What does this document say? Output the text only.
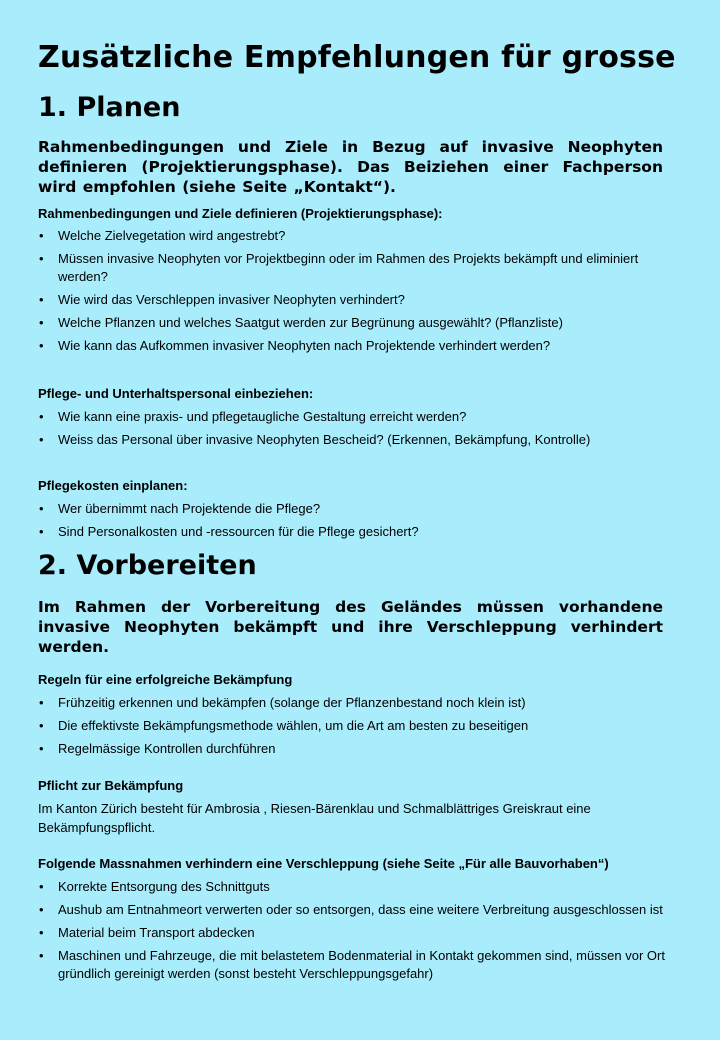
Zusätzliche Empfehlungen für grosse
1. Planen
Rahmenbedingungen und Ziele in Bezug auf invasive Neophyten definieren (Projektierungsphase). Das Beiziehen einer Fachperson wird empfohlen (siehe Seite „Kontakt“).
Rahmenbedingungen und Ziele definieren (Projektierungsphase):
• Welche Zielvegetation wird angestrebt?
• Müssen invasive Neophyten vor Projektbeginn oder im Rahmen des Projekts bekämpft und eliminiert werden?
• Wie wird das Verschleppen invasiver Neophyten verhindert?
• Welche Pflanzen und welches Saatgut werden zur Begrünung ausgewählt? (Pflanzliste)
• Wie kann das Aufkommen invasiver Neophyten nach Projektende verhindert werden?
Pflege- und Unterhaltspersonal einbeziehen:
• Wie kann eine praxis- und pflegetaugliche Gestaltung erreicht werden?
• Weiss das Personal über invasive Neophyten Bescheid? (Erkennen, Bekämpfung, Kontrolle)
Pflegekosten einplanen:
• Wer übernimmt nach Projektende die Pflege?
• Sind Personalkosten und -ressourcen für die Pflege gesichert?
2. Vorbereiten
Im Rahmen der Vorbereitung des Geländes müssen vorhandene invasive Neophyten bekämpft und ihre Verschleppung verhindert werden.
Regeln für eine erfolgreiche Bekämpfung
• Frühzeitig erkennen und bekämpfen (solange der Pflanzenbestand noch klein ist)
• Die effektivste Bekämpfungsmethode wählen, um die Art am besten zu beseitigen
• Regelmässige Kontrollen durchführen
Pflicht zur Bekämpfung
Im Kanton Zürich besteht für Ambrosia , Riesen-Bärenklau und Schmalblättriges Greiskraut eine Bekämpfungspflicht.
Folgende Massnahmen verhindern eine Verschleppung (siehe Seite „Für alle Bauvorhaben“)
• Korrekte Entsorgung des Schnittguts
• Aushub am Entnahmeort verwerten oder so entsorgen, dass eine weitere Verbreitung ausgeschlossen ist
• Material beim Transport abdecken
• Maschinen und Fahrzeuge, die mit belastetem Bodenmaterial in Kontakt gekommen sind, müssen vor Ort gründlich gereinigt werden (sonst besteht Verschleppungsgefahr)
